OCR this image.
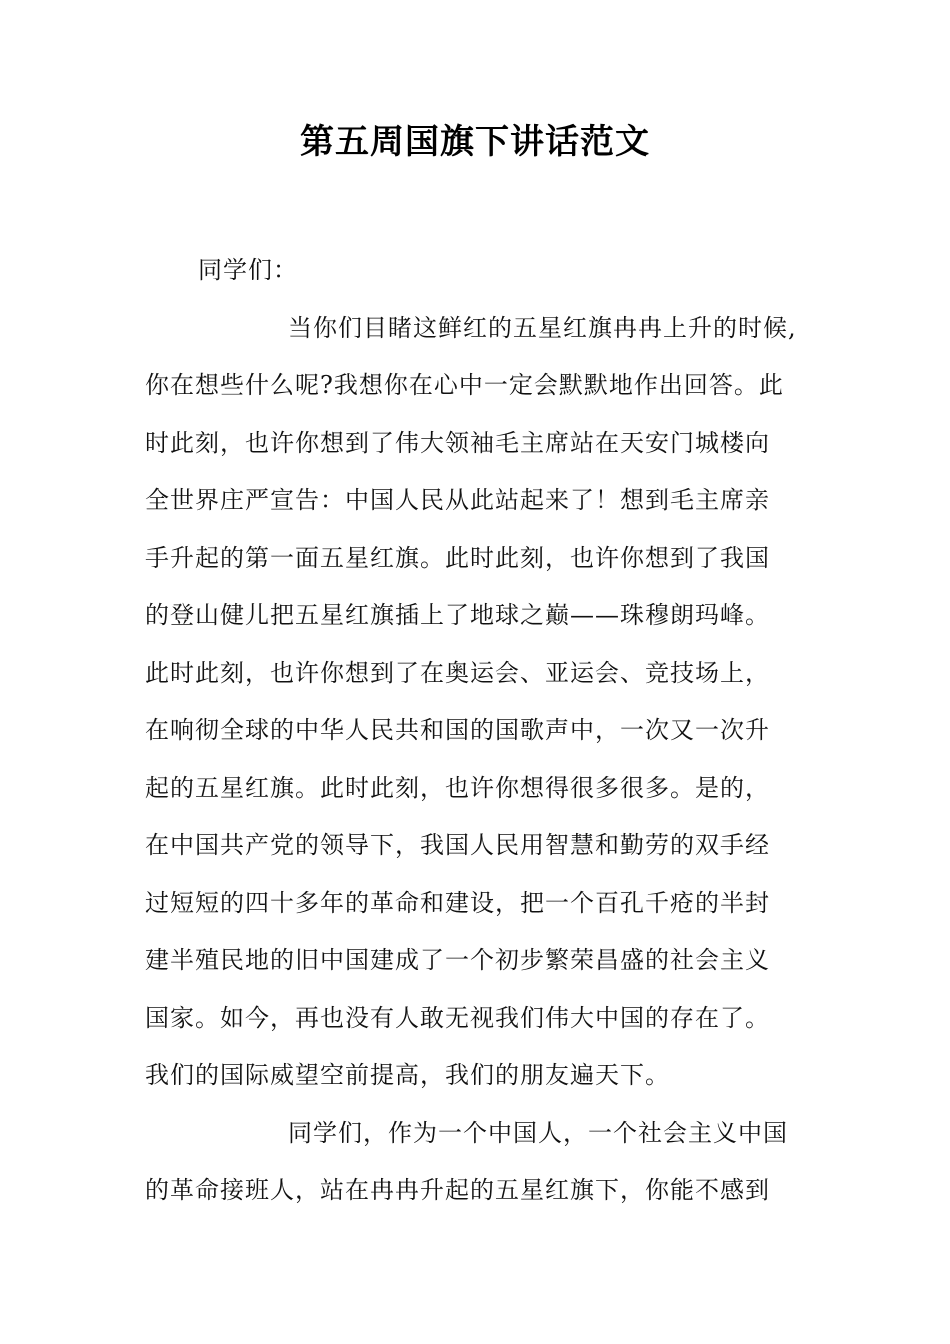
第五周国旗下讲话范文
同学们：
当你们目睹这鲜红的五星红旗冉冉上升的时候,
你在想些什么呢?我想你在心中一定会默默地作出回答。此
时此刻，也许你想到了伟大领袖毛主席站在天安门城楼向
全世界庄严宣告：中国人民从此站起来了！想到毛主席亲
手升起的第一面五星红旗。此时此刻，也许你想到了我国
的登山健儿把五星红旗插上了地球之巅——珠穆朗玛峰。
此时此刻，也许你想到了在奥运会、亚运会、竞技场上，
在响彻全球的中华人民共和国的国歌声中，一次又一次升
起的五星红旗。此时此刻，也许你想得很多很多。是的，
在中国共产党的领导下，我国人民用智慧和勤劳的双手经
过短短的四十多年的革命和建设，把一个百孔千疮的半封
建半殖民地的旧中国建成了一个初步繁荣昌盛的社会主义
国家。如今，再也没有人敢无视我们伟大中国的存在了。
我们的国际威望空前提高，我们的朋友遍天下。
同学们，作为一个中国人，一个社会主义中国
的革命接班人，站在冉冉升起的五星红旗下，你能不感到
